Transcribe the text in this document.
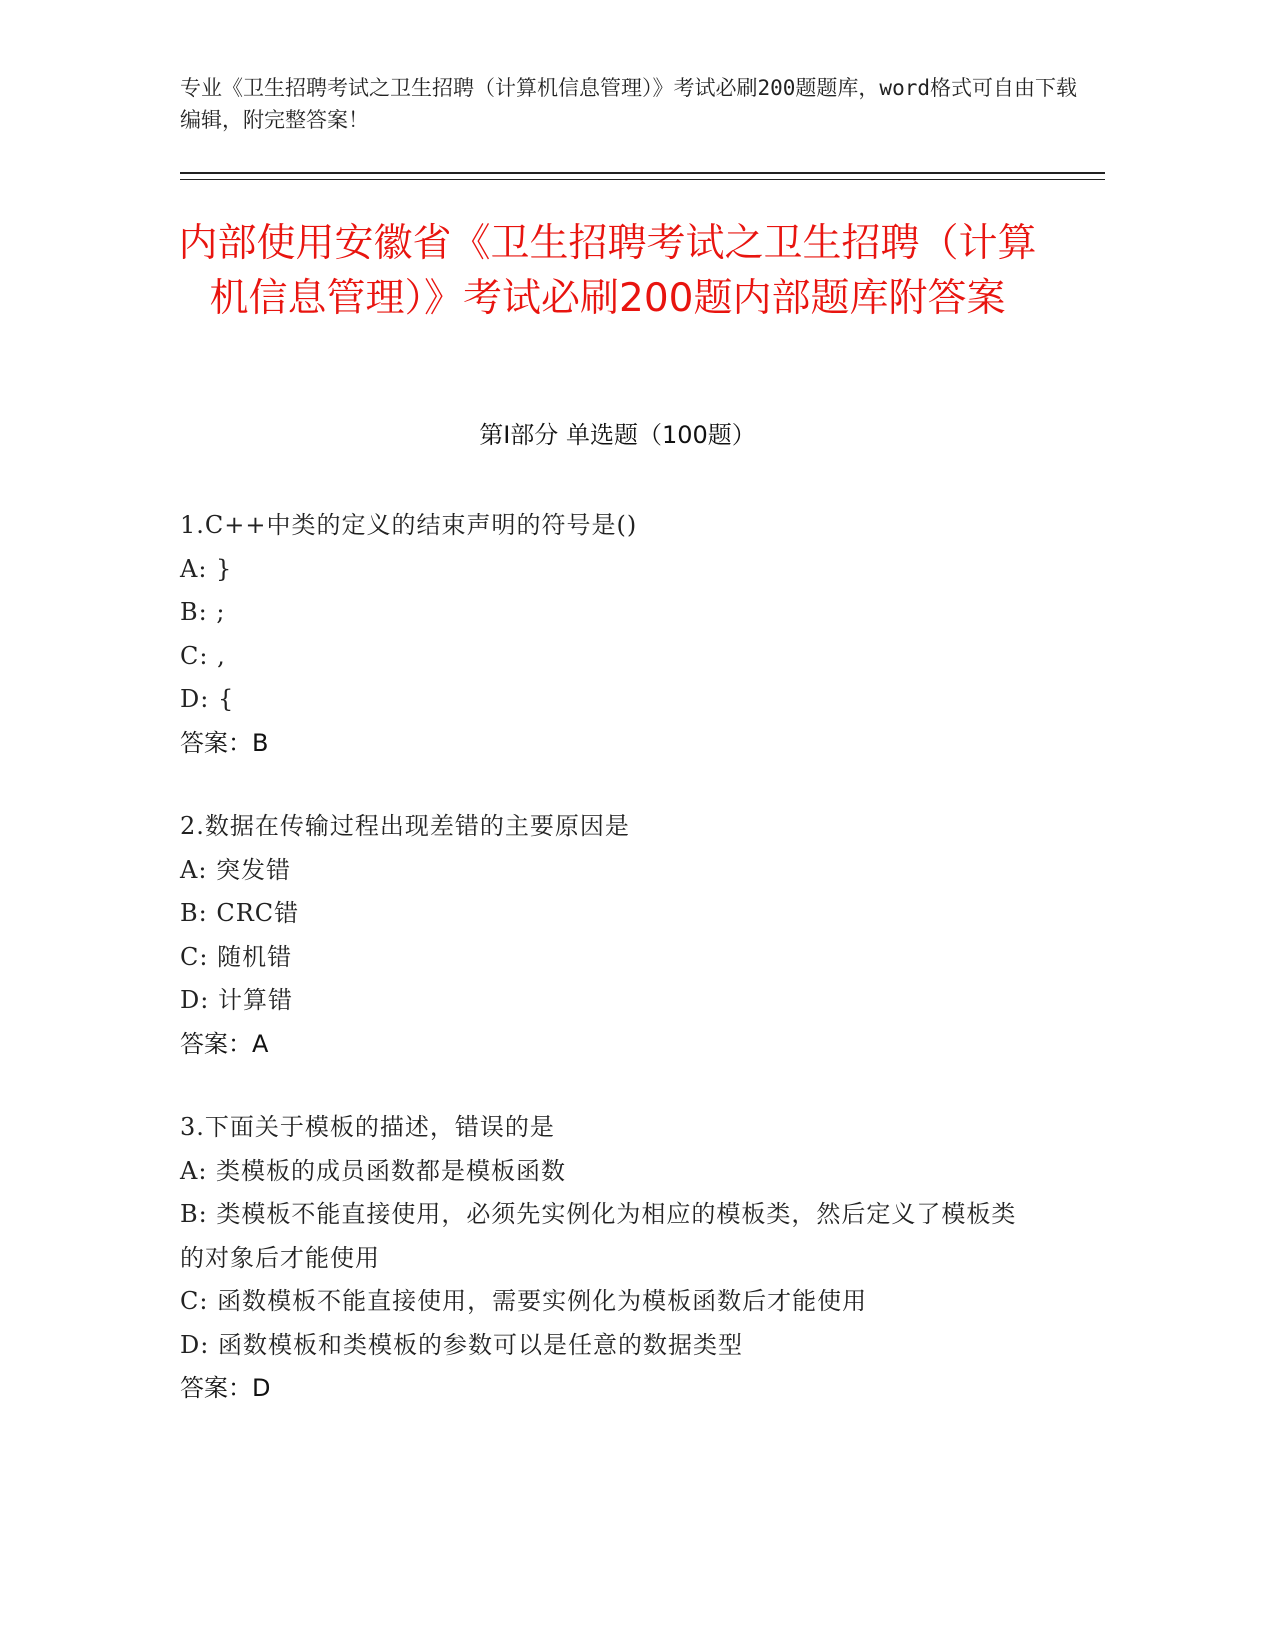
专业《卫生招聘考试之卫生招聘（计算机信息管理）》考试必刷200题题库，word格式可自由下载编辑，附完整答案！
内部使用安徽省《卫生招聘考试之卫生招聘（计算机信息管理）》考试必刷200题内部题库附答案
第Ⅰ部分 单选题（100题）
1.C++中类的定义的结束声明的符号是()
A: }
B: ;
C: ,
D: {
答案：B
2.数据在传输过程出现差错的主要原因是
A: 突发错
B: CRC错
C: 随机错
D: 计算错
答案：A
3.下面关于模板的描述，错误的是
A: 类模板的成员函数都是模板函数
B: 类模板不能直接使用，必须先实例化为相应的模板类，然后定义了模板类的对象后才能使用
C: 函数模板不能直接使用，需要实例化为模板函数后才能使用
D: 函数模板和类模板的参数可以是任意的数据类型
答案：D
